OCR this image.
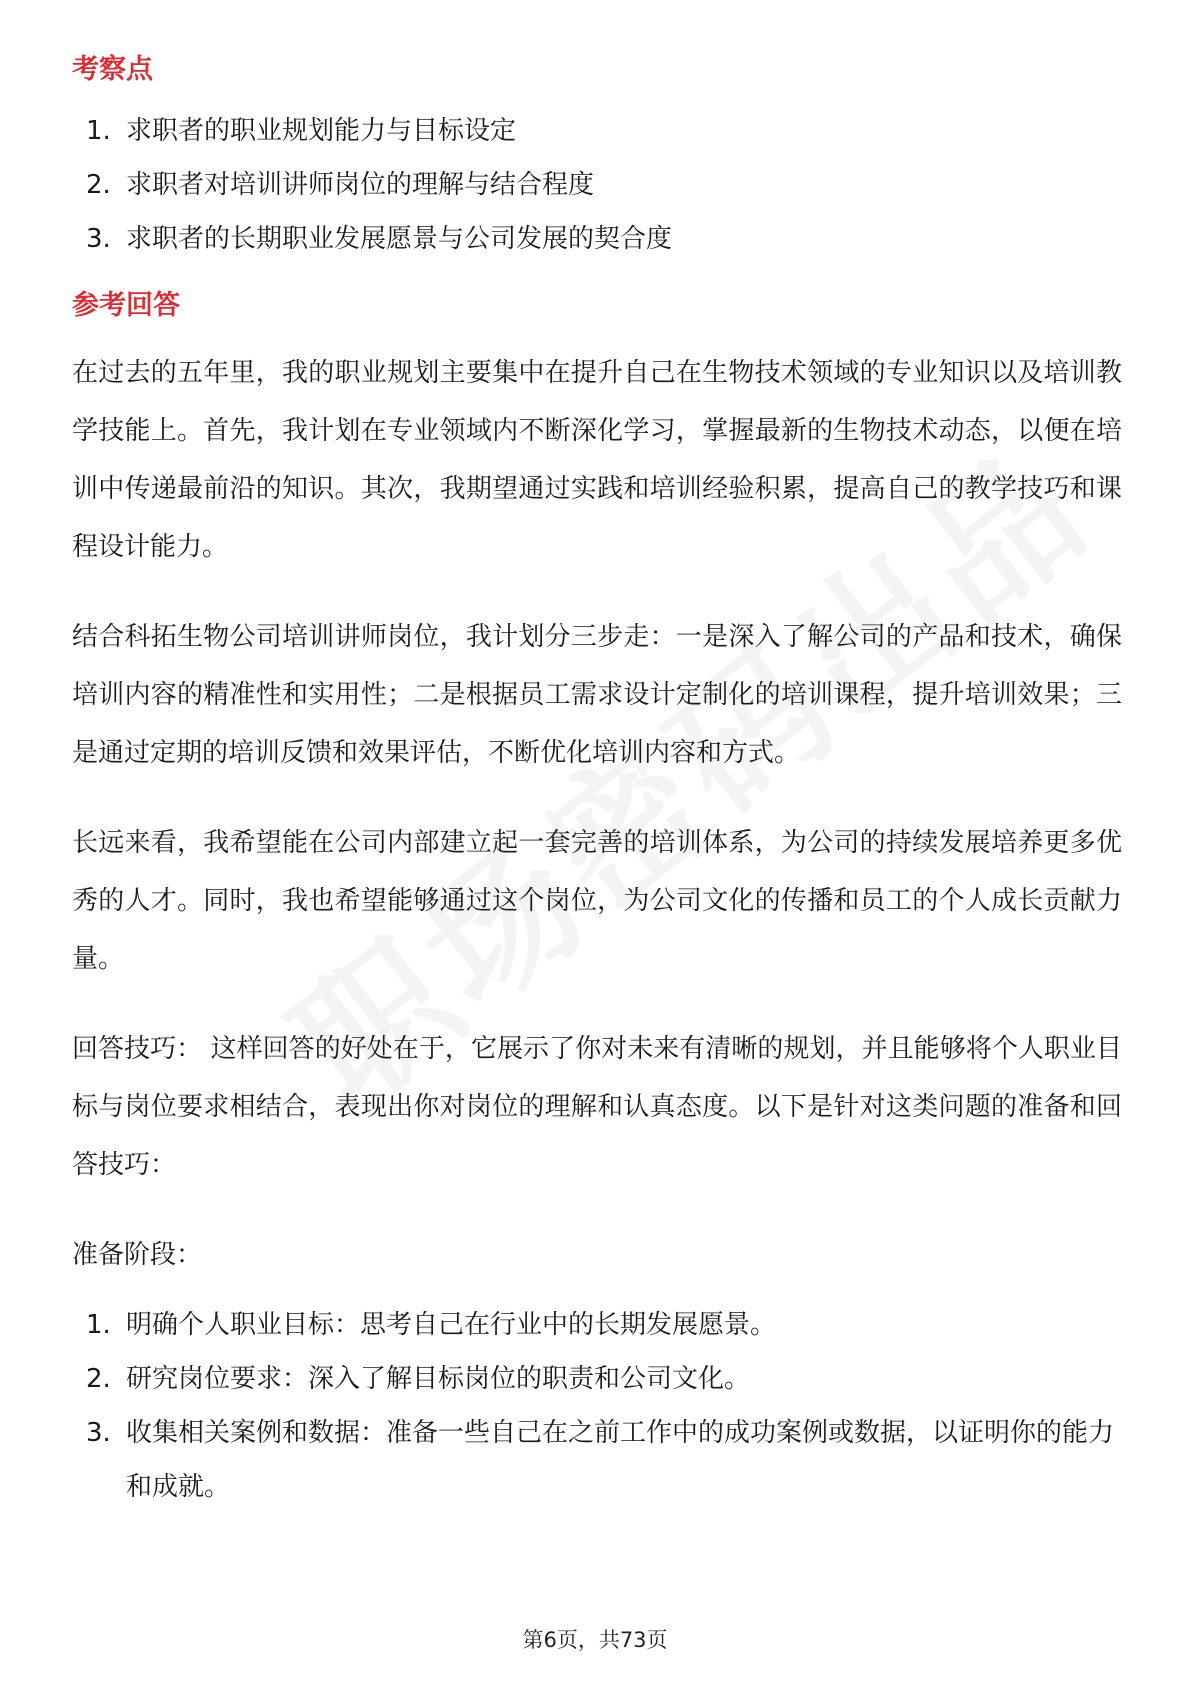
考察点
1. 求职者的职业规划能力与目标设定
2. 求职者对培训讲师岗位的理解与结合程度
3. 求职者的长期职业发展愿景与公司发展的契合度
参考回答

在过去的五年里，我的职业规划主要集中在提升自己在生物技术领域的专业知识以及培训教学技能上。首先，我计划在专业领域内不断深化学习，掌握最新的生物技术动态，以便在培训中传递最前沿的知识。其次，我期望通过实践和培训经验积累，提高自己的教学技巧和课程设计能力。

结合科拓生物公司培训讲师岗位，我计划分三步走：一是深入了解公司的产品和技术，确保培训内容的精准性和实用性；二是根据员工需求设计定制化的培训课程，提升培训效果；三是通过定期的培训反馈和效果评估，不断优化培训内容和方式。

长远来看，我希望能在公司内部建立起一套完善的培训体系，为公司的持续发展培养更多优秀的人才。同时，我也希望能够通过这个岗位，为公司文化的传播和员工的个人成长贡献力量。

回答技巧： 这样回答的好处在于，它展示了你对未来有清晰的规划，并且能够将个人职业目标与岗位要求相结合，表现出你对岗位的理解和认真态度。以下是针对这类问题的准备和回答技巧：

准备阶段：

1. 明确个人职业目标：思考自己在行业中的长期发展愿景。
2. 研究岗位要求：深入了解目标岗位的职责和公司文化。
3. 收集相关案例和数据：准备一些自己在之前工作中的成功案例或数据，以证明你的能力和成就。
第6页，共73页
